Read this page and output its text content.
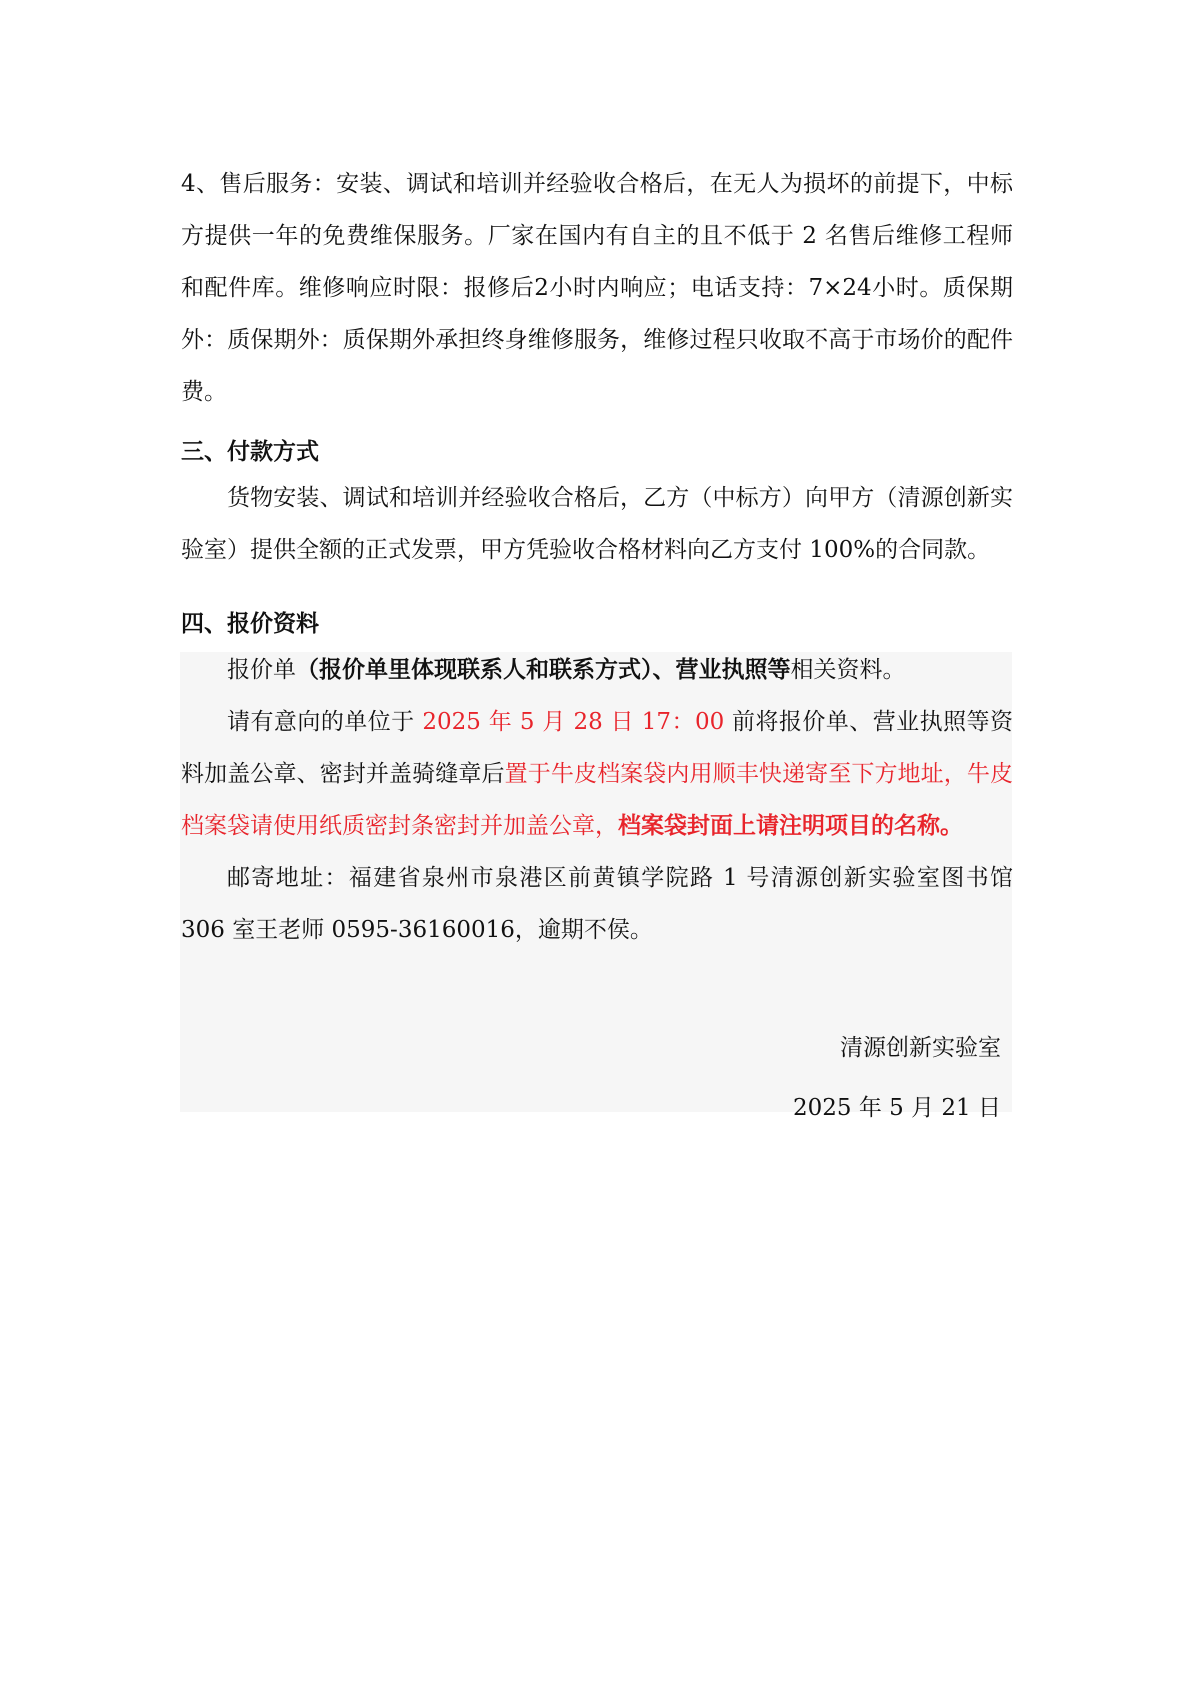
4、售后服务：安装、调试和培训并经验收合格后，在无人为损坏的前提下，中标方提供一年的免费维保服务。厂家在国内有自主的且不低于 2 名售后维修工程师和配件库。维修响应时限：报修后2小时内响应；电话支持：7×24小时。质保期外：质保期外：质保期外承担终身维修服务，维修过程只收取不高于市场价的配件费。

三、付款方式

货物安装、调试和培训并经验收合格后，乙方（中标方）向甲方（清源创新实验室）提供全额的正式发票，甲方凭验收合格材料向乙方支付 100%的合同款。

四、报价资料

报价单（报价单里体现联系人和联系方式）、营业执照等相关资料。

请有意向的单位于 2025 年 5 月 28 日 17：00 前将报价单、营业执照等资料加盖公章、密封并盖骑缝章后置于牛皮档案袋内用顺丰快递寄至下方地址，牛皮档案袋请使用纸质密封条密封并加盖公章，档案袋封面上请注明项目的名称。

邮寄地址：福建省泉州市泉港区前黄镇学院路 1 号清源创新实验室图书馆 306 室王老师 0595-36160016，逾期不侯。

清源创新实验室
2025 年 5 月 21 日
